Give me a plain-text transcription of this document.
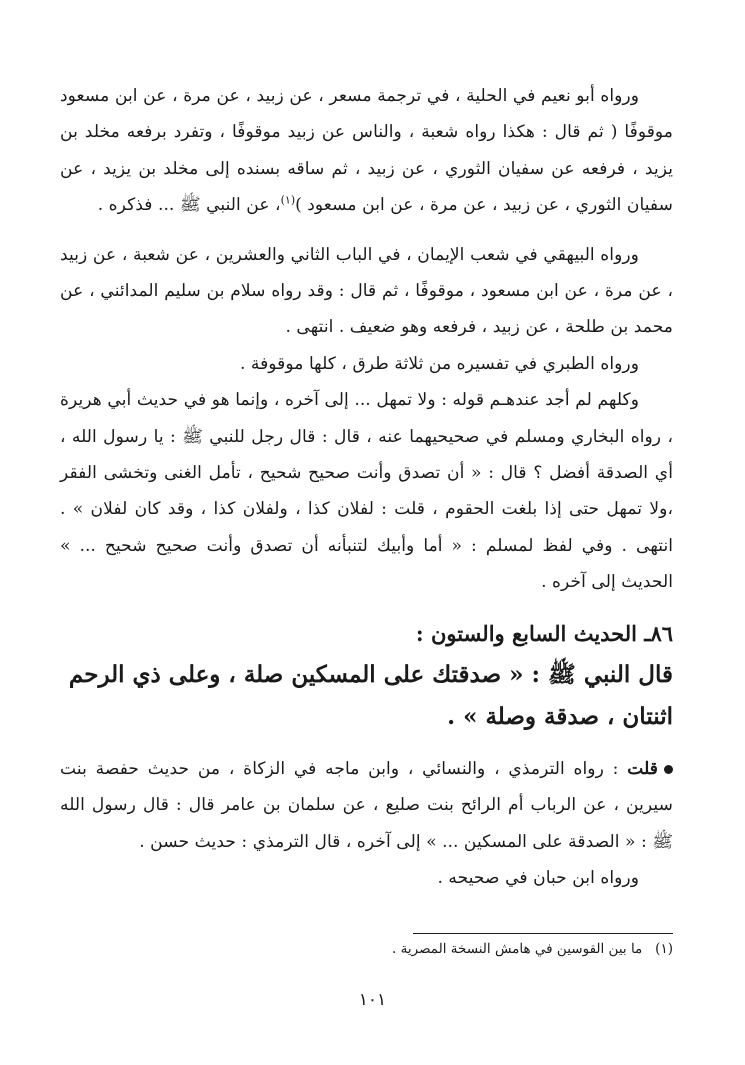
ورواه أبو نعيم في الحلية ، في ترجمة مسعر ، عن زبيد ، عن مرة ، عن ابن مسعود موقوفًا ( ثم قال : هكذا رواه شعبة ، والناس عن زبيد موقوفًا ، وتفرد برفعه مخلد بن يزيد ، فرفعه عن سفيان الثوري ، عن زبيد ، ثم ساقه بسنده إلى مخلد بن يزيد ، عن سفيان الثوري ، عن زبيد ، عن مرة ، عن ابن مسعود )$^{(١)}$، عن النبي ﷺ ... فذكره .

ورواه البيهقي في شعب الإيمان ، في الباب الثاني والعشرين ، عن شعبة ، عن زبيد ، عن مرة ، عن ابن مسعود ، موقوفًا ، ثم قال : وقد رواه سلام بن سليم المدائني ، عن محمد بن طلحة ، عن زبيد ، فرفعه وهو ضعيف . انتهى .

ورواه الطبري في تفسيره من ثلاثة طرق ، كلها موقوفة .

وكلهم لم أجد عندهـم قوله : ولا تمهل ... إلى آخره ، وإنما هو في حديث أبي هريرة ، رواه البخاري ومسلم في صحيحيهما عنه ، قال : قال رجل للنبي ﷺ : يا رسول الله ، أي الصدقة أفضل ؟ قال : « أن تصدق وأنت صحيح شحيح ، تأمل الغنى وتخشى الفقر ،ولا تمهل حتى إذا بلغت الحقوم ، قلت : لفلان كذا ، ولفلان كذا ، وقد كان لفلان » . انتهى . وفي لفظ لمسلم : « أما وأبيك لتنبأنه أن تصدق وأنت صحيح شحيح ... » الحديث إلى آخره .

٨٦ـ الحديث السابع والستون :

قال النبي ﷺ : « صدقتك على المسكين صلة ، وعلى ذي الرحم
اثنتان ، صدقة وصلة » .

قلت : رواه الترمذي ، والنسائي ، وابن ماجه في الزكاة ، من حديث حفصة بنت سيرين ، عن الرباب أم الرائح بنت صليع ، عن سلمان بن عامر قال : قال رسول الله ﷺ : « الصدقة على المسكين ... » إلى آخره ، قال الترمذي : حديث حسن .

ورواه ابن حبان في صحيحه .

(١)   ما بين القوسين في هامش النسخة المصرية .

١٠١
